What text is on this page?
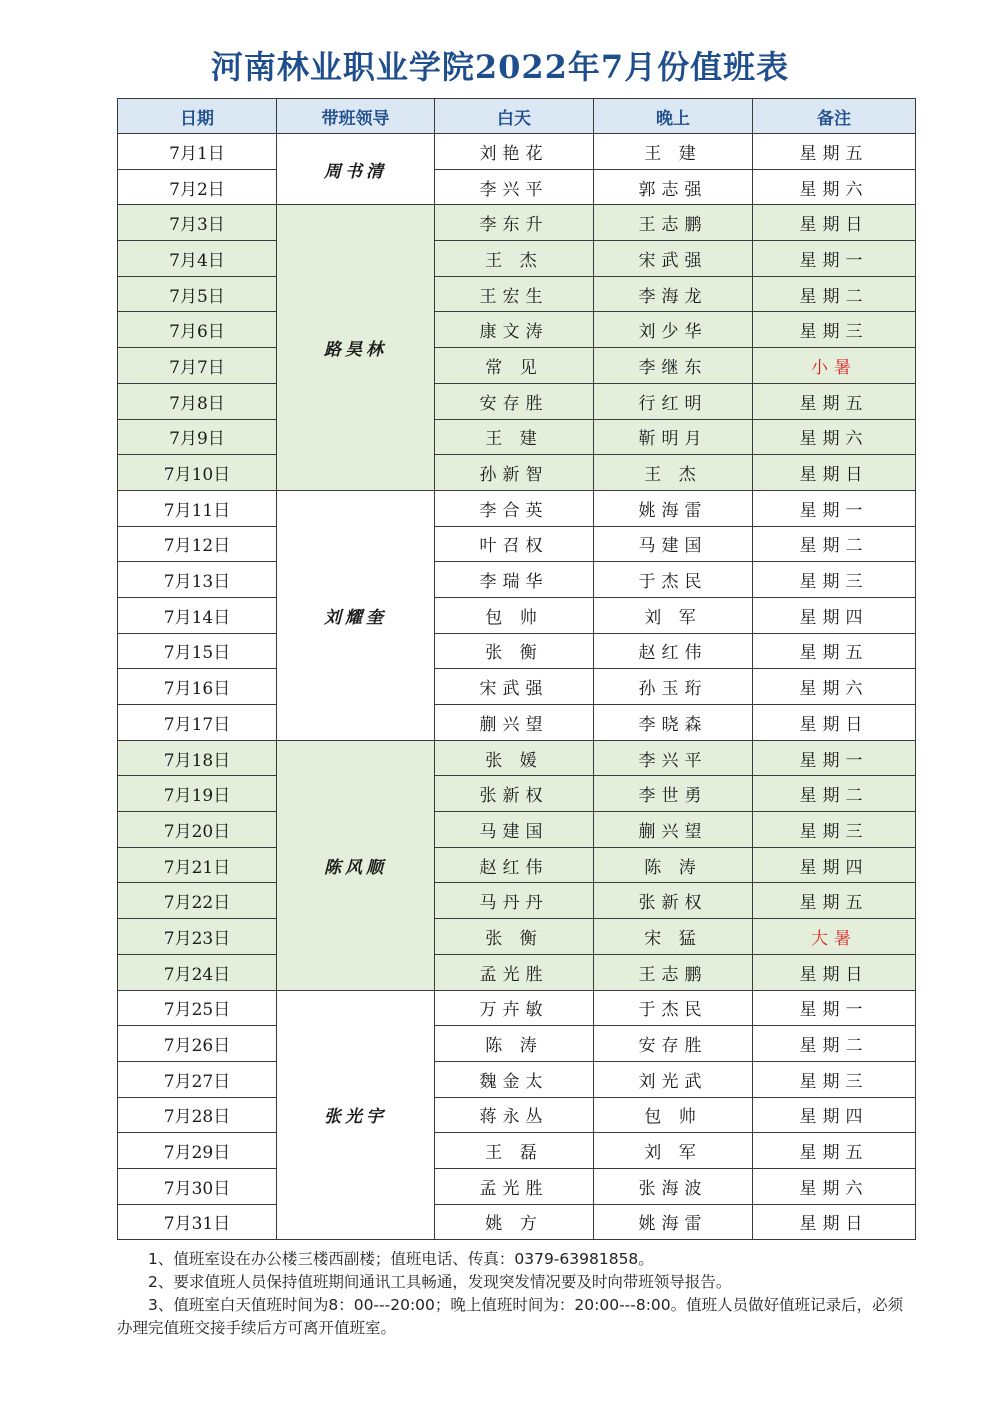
河南林业职业学院2022年7月份值班表
日期	带班领导	白天	晚上	备注
7月1日	周书清	刘艳花	王 建	星期五
7月2日		李兴平	郭志强	星期六
7月3日	路昊林	李东升	王志鹏	星期日
7月4日		王 杰	宋武强	星期一
7月5日		王宏生	李海龙	星期二
7月6日		康文涛	刘少华	星期三
7月7日		常 见	李继东	小暑
7月8日		安存胜	行红明	星期五
7月9日		王 建	靳明月	星期六
7月10日		孙新智	王 杰	星期日
7月11日	刘耀奎	李合英	姚海雷	星期一
7月12日		叶召权	马建国	星期二
7月13日		李瑞华	于杰民	星期三
7月14日		包 帅	刘 军	星期四
7月15日		张 衡	赵红伟	星期五
7月16日		宋武强	孙玉珩	星期六
7月17日		蒯兴望	李晓森	星期日
7月18日	陈风顺	张 媛	李兴平	星期一
7月19日		张新权	李世勇	星期二
7月20日		马建国	蒯兴望	星期三
7月21日		赵红伟	陈 涛	星期四
7月22日		马丹丹	张新权	星期五
7月23日		张 衡	宋 猛	大暑
7月24日		孟光胜	王志鹏	星期日
7月25日	张光宇	万卉敏	于杰民	星期一
7月26日		陈 涛	安存胜	星期二
7月27日		魏金太	刘光武	星期三
7月28日		蒋永丛	包 帅	星期四
7月29日		王 磊	刘 军	星期五
7月30日		孟光胜	张海波	星期六
7月31日		姚 方	姚海雷	星期日

1、值班室设在办公楼三楼西副楼；值班电话、传真：0379-63981858。

2、要求值班人员保持值班期间通讯工具畅通，发现突发情况要及时向带班领导报告。

3、值班室白天值班时间为8：00---20:00；晚上值班时间为：20:00---8:00。值班人员做好值班记录后，必须办理完值班交接手续后方可离开值班室。
